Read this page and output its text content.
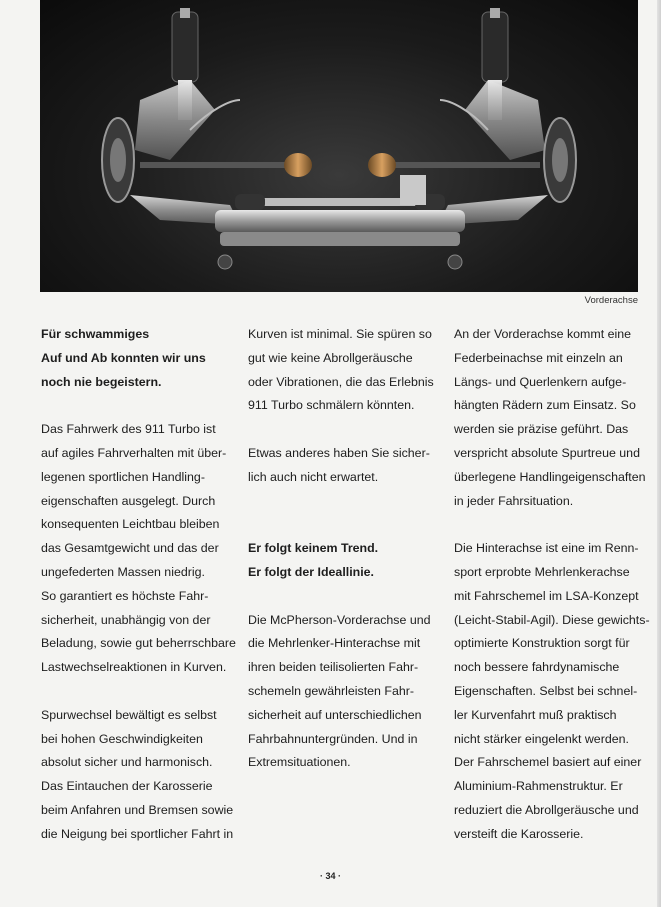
Vorderachse
Für schwammiges
Auf und Ab konnten wir uns
noch nie begeistern.

Das Fahrwerk des 911 Turbo ist
auf agiles Fahrverhalten mit über-
legenen sportlichen Handling-
eigenschaften ausgelegt. Durch
konsequenten Leichtbau bleiben
das Gesamtgewicht und das der
ungefederten Massen niedrig.
So garantiert es höchste Fahr-
sicherheit, unabhängig von der
Beladung, sowie gut beherrschbare
Lastwechselreaktionen in Kurven.

Spurwechsel bewältigt es selbst
bei hohen Geschwindigkeiten
absolut sicher und harmonisch.
Das Eintauchen der Karosserie
beim Anfahren und Bremsen sowie
die Neigung bei sportlicher Fahrt in

Kurven ist minimal. Sie spüren so
gut wie keine Abrollgeräusche
oder Vibrationen, die das Erlebnis
911 Turbo schmälern könnten.

Etwas anderes haben Sie sicher-
lich auch nicht erwartet.

Er folgt keinem Trend.
Er folgt der Ideallinie.

Die McPherson-Vorderachse und
die Mehrlenker-Hinterachse mit
ihren beiden teilisolierten Fahr-
schemeln gewährleisten Fahr-
sicherheit auf unterschiedlichen
Fahrbahnuntergründen. Und in
Extremsituationen.

An der Vorderachse kommt eine
Federbeinachse mit einzeln an
Längs- und Querlenkern aufge-
hängten Rädern zum Einsatz. So
werden sie präzise geführt. Das
verspricht absolute Spurtreue und
überlegene Handlingeigenschaften
in jeder Fahrsituation.

Die Hinterachse ist eine im Renn-
sport erprobte Mehrlenkerachse
mit Fahrschemel im LSA-Konzept
(Leicht-Stabil-Agil). Diese gewichts-
optimierte Konstruktion sorgt für
noch bessere fahrdynamische
Eigenschaften. Selbst bei schnel-
ler Kurvenfahrt muß praktisch
nicht stärker eingelenkt werden.
Der Fahrschemel basiert auf einer
Aluminium-Rahmenstruktur. Er
reduziert die Abrollgeräusche und
versteift die Karosserie.

· 34 ·
